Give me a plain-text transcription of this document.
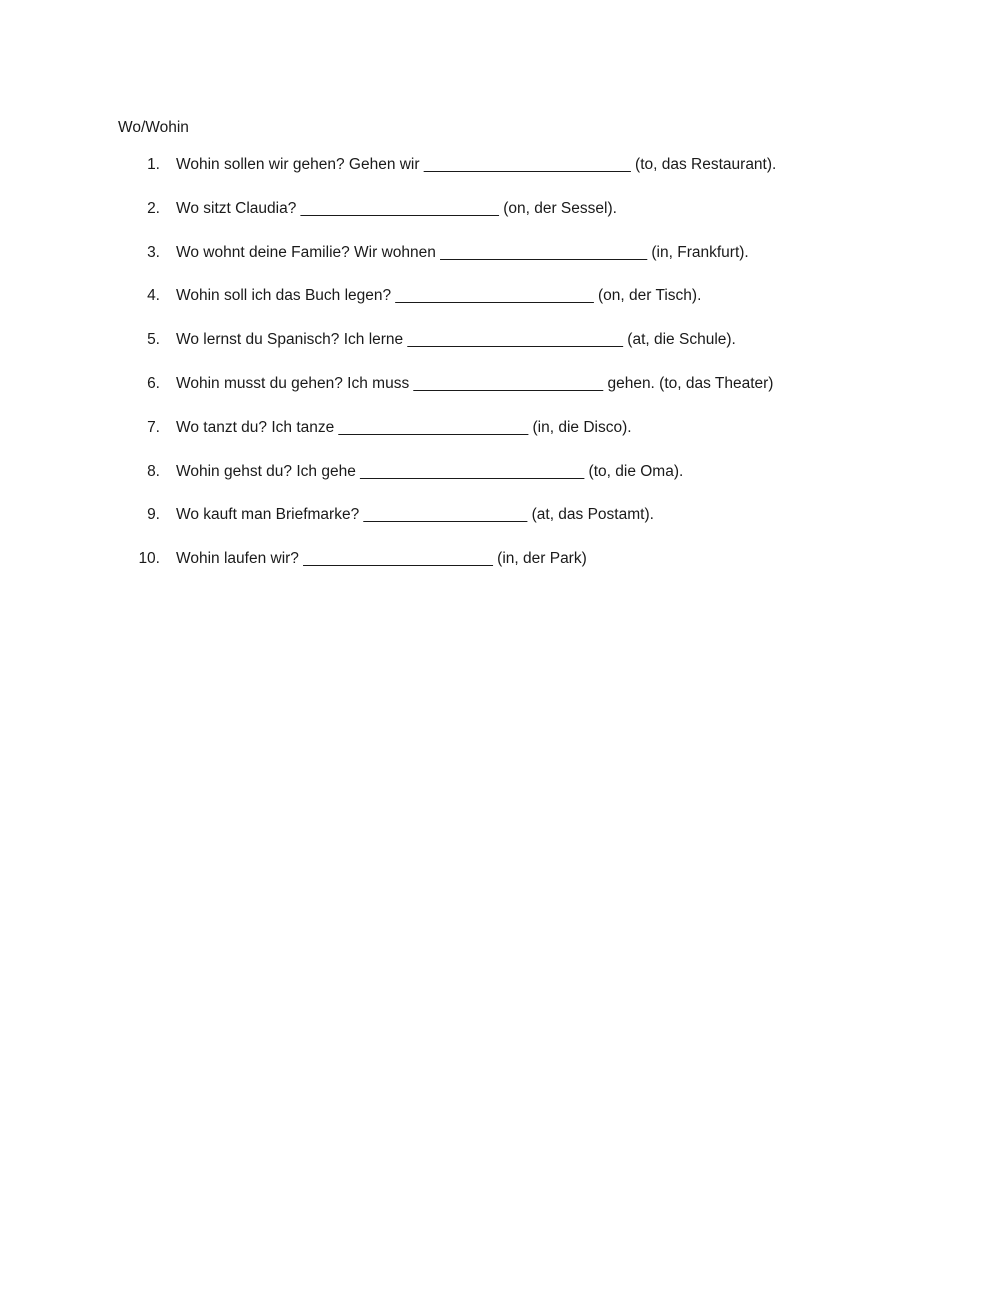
Wo/Wohin
1. Wohin sollen wir gehen? Gehen wir ________________________ (to, das Restaurant).
2. Wo sitzt Claudia? _______________________ (on, der Sessel).
3. Wo wohnt deine Familie? Wir wohnen ________________________ (in, Frankfurt).
4. Wohin soll ich das Buch legen? _______________________ (on, der Tisch).
5. Wo lernst du Spanisch? Ich lerne _________________________ (at, die Schule).
6. Wohin musst du gehen? Ich muss ______________________ gehen. (to, das Theater)
7. Wo tanzt du? Ich tanze ______________________ (in, die Disco).
8. Wohin gehst du? Ich gehe __________________________ (to, die Oma).
9. Wo kauft man Briefmarke? ___________________ (at, das Postamt).
10. Wohin laufen wir? ______________________ (in, der Park)
